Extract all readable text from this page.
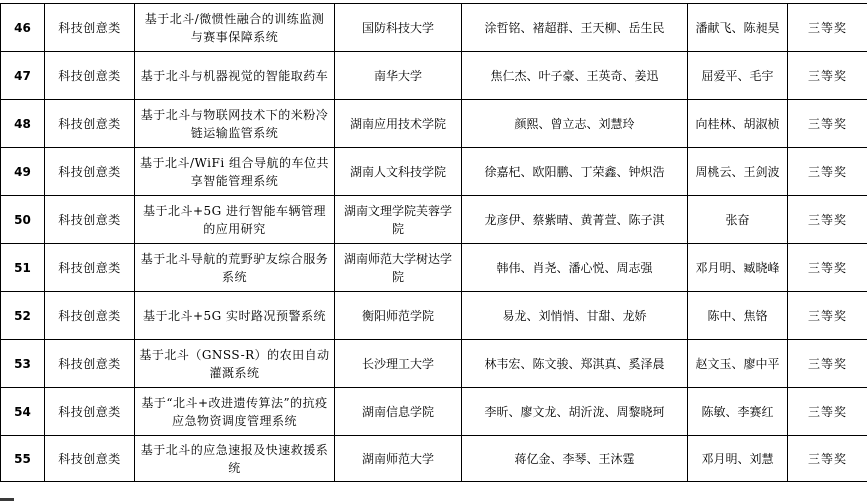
46	科技创意类	基于北斗/微惯性融合的训练监测与赛事保障系统	国防科技大学	涂哲铭、褚超群、王天柳、岳生民	潘献飞、陈昶昊	三等奖
47	科技创意类	基于北斗与机器视觉的智能取药车	南华大学	焦仁杰、叶子豪、王英奇、姜迅	屈爱平、毛宇	三等奖
48	科技创意类	基于北斗与物联网技术下的米粉冷链运输监管系统	湖南应用技术学院	颜熙、曾立志、刘慧玲	向桂林、胡淑桢	三等奖
49	科技创意类	基于北斗/WiFi 组合导航的车位共享智能管理系统	湖南人文科技学院	徐嘉杞、欧阳鹏、丁荣鑫、钟炽浩	周桃云、王剑波	三等奖
50	科技创意类	基于北斗+5G 进行智能车辆管理的应用研究	湖南文理学院芙蓉学院	龙彦伊、蔡紫晴、黄菁萱、陈子淇	张奋	三等奖
51	科技创意类	基于北斗导航的荒野驴友综合服务系统	湖南师范大学树达学院	韩伟、肖尧、潘心悦、周志强	邓月明、臧晓峰	三等奖
52	科技创意类	基于北斗+5G 实时路况预警系统	衡阳师范学院	易龙、刘悄悄、甘甜、龙娇	陈中、焦铬	三等奖
53	科技创意类	基于北斗（GNSS-R）的农田自动灌溉系统	长沙理工大学	林韦宏、陈文骏、郑淇真、奚泽晨	赵文玉、廖中平	三等奖
54	科技创意类	基于“北斗+改进遗传算法”的抗疫应急物资调度管理系统	湖南信息学院	李昕、廖文龙、胡沂泷、周黎晓珂	陈敏、李赛红	三等奖
55	科技创意类	基于北斗的应急速报及快速救援系统	湖南师范大学	蒋亿金、李琴、王沐霆	邓月明、刘慧	三等奖
